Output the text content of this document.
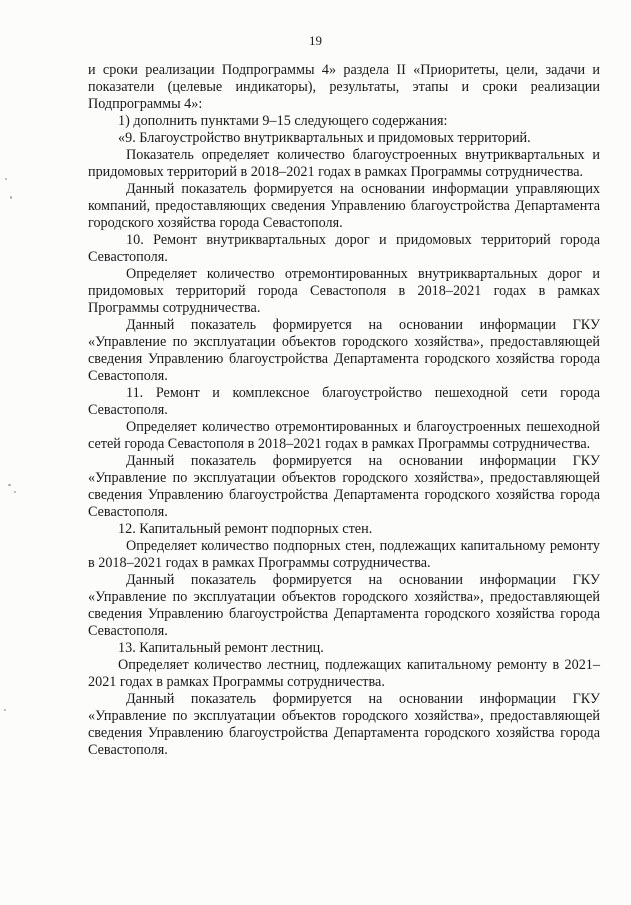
19

и сроки реализации Подпрограммы 4» раздела II «Приоритеты, цели, задачи и показатели (целевые индикаторы), результаты, этапы и сроки реализации Подпрограммы 4»:

1) дополнить пунктами 9–15 следующего содержания:

«9. Благоустройство внутриквартальных и придомовых территорий.

Показатель определяет количество благоустроенных внутриквартальных и придомовых территорий в 2018–2021 годах в рамках Программы сотрудничества.

Данный показатель формируется на основании информации управляющих компаний, предоставляющих сведения Управлению благоустройства Департамента городского хозяйства города Севастополя.

10. Ремонт внутриквартальных дорог и придомовых территорий города Севастополя.

Определяет количество отремонтированных внутриквартальных дорог и придомовых территорий города Севастополя в 2018–2021 годах в рамках Программы сотрудничества.

Данный показатель формируется на основании информации ГКУ «Управление по эксплуатации объектов городского хозяйства», предоставляющей сведения Управлению благоустройства Департамента городского хозяйства города Севастополя.

11. Ремонт и комплексное благоустройство пешеходной сети города Севастополя.

Определяет количество отремонтированных и благоустроенных пешеходной сетей города Севастополя в 2018–2021 годах в рамках Программы сотрудничества.

Данный показатель формируется на основании информации ГКУ «Управление по эксплуатации объектов городского хозяйства», предоставляющей сведения Управлению благоустройства Департамента городского хозяйства города Севастополя.

12. Капитальный ремонт подпорных стен.

Определяет количество подпорных стен, подлежащих капитальному ремонту в 2018–2021 годах в рамках Программы сотрудничества.

Данный показатель формируется на основании информации ГКУ «Управление по эксплуатации объектов городского хозяйства», предоставляющей сведения Управлению благоустройства Департамента городского хозяйства города Севастополя.

13. Капитальный ремонт лестниц.

Определяет количество лестниц, подлежащих капитальному ремонту в 2021–2021 годах в рамках Программы сотрудничества.

Данный показатель формируется на основании информации ГКУ «Управление по эксплуатации объектов городского хозяйства», предоставляющей сведения Управлению благоустройства Департамента городского хозяйства города Севастополя.
